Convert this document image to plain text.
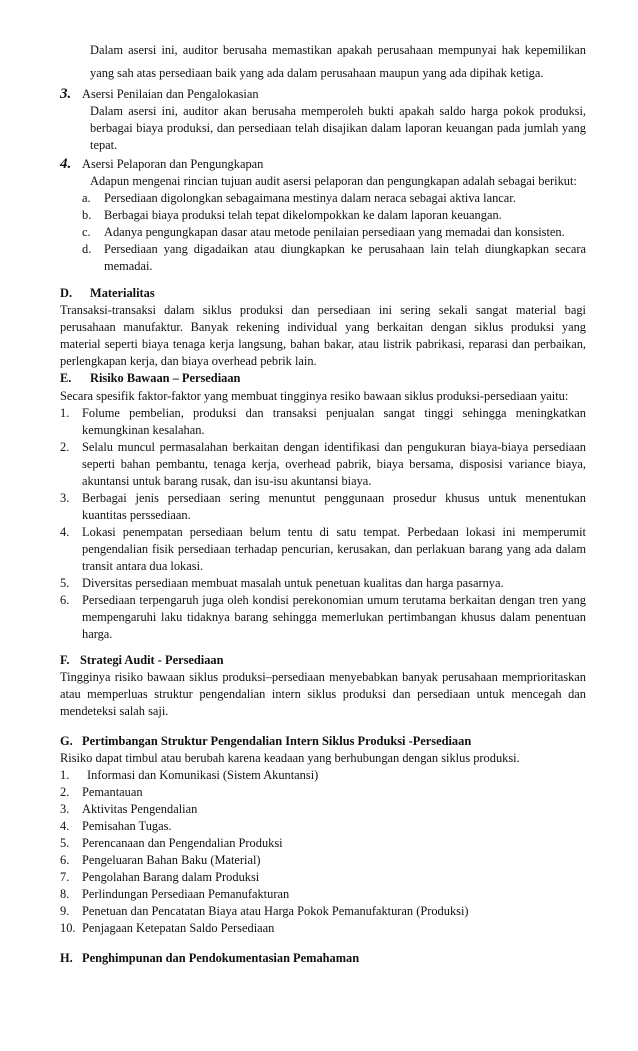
Dalam asersi ini, auditor berusaha memastikan apakah perusahaan mempunyai hak kepemilikan
yang sah atas persediaan baik yang ada dalam perusahaan maupun yang ada dipihak ketiga.
3. Asersi Penilaian dan Pengalokasian
Dalam asersi ini, auditor akan berusaha memperoleh bukti apakah saldo harga pokok produksi,
berbagai biaya produksi, dan persediaan telah disajikan dalam laporan keuangan pada jumlah yang
tepat.
4. Asersi Pelaporan dan Pengungkapan
Adapun mengenai rincian tujuan audit asersi pelaporan dan pengungkapan adalah sebagai berikut:
a. Persediaan digolongkan sebagaimana mestinya dalam neraca sebagai aktiva lancar.
b. Berbagai biaya produksi telah tepat dikelompokkan ke dalam laporan keuangan.
c. Adanya pengungkapan dasar atau metode penilaian persediaan yang memadai dan konsisten.
d. Persediaan yang digadaikan atau diungkapkan ke perusahaan lain telah diungkapkan secara
memadai.
D. Materialitas
Transaksi-transaksi dalam siklus produksi dan persediaan ini sering sekali sangat material bagi
perusahaan manufaktur. Banyak rekening individual yang berkaitan dengan siklus produksi yang
material seperti biaya tenaga kerja langsung, bahan bakar, atau listrik pabrikasi, reparasi dan perbaikan,
perlengkapan kerja, dan biaya overhead pebrik lain.
E. Risiko Bawaan – Persediaan
Secara spesifik faktor-faktor yang membuat tingginya resiko bawaan siklus produksi-persediaan yaitu:
1. Folume pembelian, produksi dan transaksi penjualan sangat tinggi sehingga meningkatkan
kemungkinan kesalahan.
2. Selalu muncul permasalahan berkaitan dengan identifikasi dan pengukuran biaya-biaya persediaan
seperti bahan pembantu, tenaga kerja, overhead pabrik, biaya bersama, disposisi variance biaya,
akuntansi untuk barang rusak, dan isu-isu akuntansi biaya.
3. Berbagai jenis persediaan sering menuntut penggunaan prosedur khusus untuk menentukan
kuantitas perssediaan.
4. Lokasi penempatan persediaan belum tentu di satu tempat. Perbedaan lokasi ini memperumit
pengendalian fisik persediaan terhadap pencurian, kerusakan, dan perlakuan barang yang ada dalam
transit antara dua lokasi.
5. Diversitas persediaan membuat masalah untuk penetuan kualitas dan harga pasarnya.
6. Persediaan terpengaruh juga oleh kondisi perekonomian umum terutama berkaitan dengan tren yang
mempengaruhi laku tidaknya barang sehingga memerlukan pertimbangan khusus dalam penentuan
harga.
F. Strategi Audit - Persediaan
Tingginya risiko bawaan siklus produksi–persediaan menyebabkan banyak perusahaan memprioritaskan
atau memperluas struktur pengendalian intern siklus produksi dan persediaan untuk mencegah dan
mendeteksi salah saji.
G. Pertimbangan Struktur Pengendalian Intern Siklus Produksi -Persediaan
Risiko dapat timbul atau berubah karena keadaan yang berhubungan dengan siklus produksi.
1. Informasi dan Komunikasi (Sistem Akuntansi)
2. Pemantauan
3. Aktivitas Pengendalian
4. Pemisahan Tugas.
5. Perencanaan dan Pengendalian Produksi
6. Pengeluaran Bahan Baku (Material)
7. Pengolahan Barang dalam Produksi
8. Perlindungan Persediaan Pemanufakturan
9. Penetuan dan Pencatatan Biaya atau Harga Pokok Pemanufakturan (Produksi)
10. Penjagaan Ketepatan Saldo Persediaan
H. Penghimpunan dan Pendokumentasian Pemahaman
